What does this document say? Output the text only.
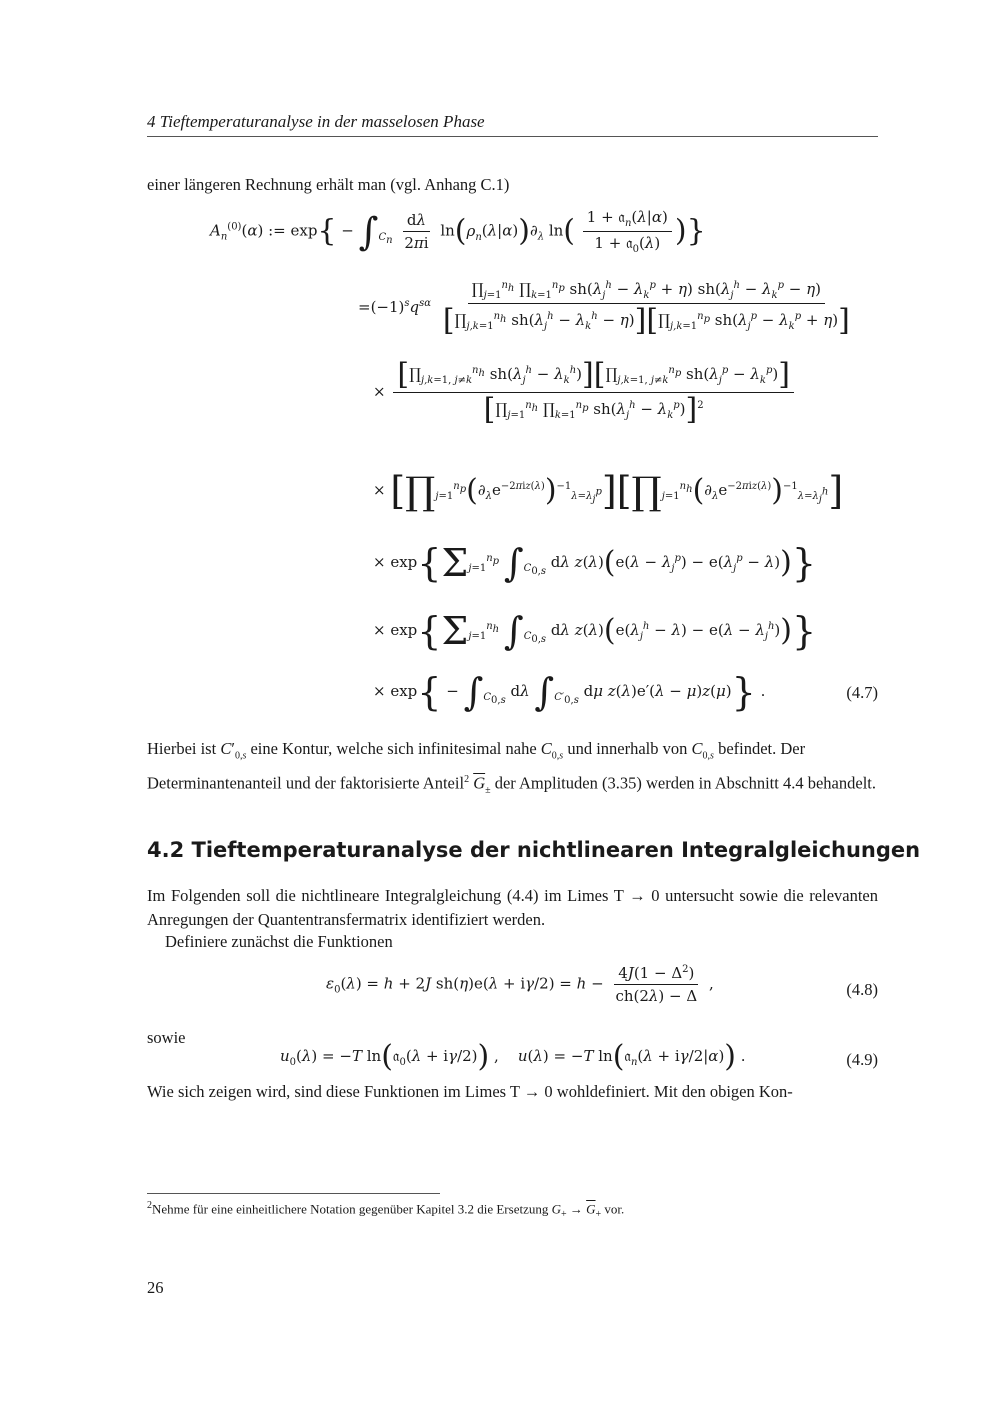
4 Tieftemperaturanalyse in der masselosen Phase
einer längeren Rechnung erhält man (vgl. Anhang C.1)
$A_n^{(0)}(\alpha)$ := $\exp\{ - \int_{C_n} \frac{d\lambda}{2\pi i} \ln(\rho_n(\lambda|\alpha))\partial_\lambda$ $\ln( \frac{1 + 𝔞_n(\lambda|\alpha)}{1 + 𝔞_0(\lambda)}$ )}
$=(-1)^sq^{s\alpha} \frac{\prod_{j=1}^{n_h} \prod_{k=1}^{n_p} sh(\lambda_j^h - \lambda_k^p + \eta) sh(\lambda_j^h - \lambda_k^p - \eta)}{[\prod_{j,k=1}^{n_h} sh(\lambda_j^h - \lambda_k^h - \eta)][\prod_{j,k=1}^{n_p} sh(\lambda_j^p - \lambda_k^p + \eta)]}$
× $\frac{[\prod_{j,k=1, j\ne k}^{n_h} sh(\lambda_j^h - \lambda_k^h)][\prod_{j,k=1, j\ne k}^{n_p} sh(\lambda_j^p - \lambda_k^p)]}{[\prod_{j=1}^{n_h} \prod_{k=1}^{n_p} sh(\lambda_j^h - \lambda_k^p)]^2}$
× $[\prod_{j=1}^{n_p}(\partial_\lambda e^{-2\pi iz(\lambda)})^{-1}_{\lambda=\lambda_j^p}][\prod_{j=1}^{n_h}(\partial_\lambda e^{-2\pi iz(\lambda)})^{-1}_{\lambda=\lambda_j^h}]$
× $\exp\{\Sigma_{j=1}^{n_p}$ $\int_{C_{0,s}}$ dλ $z(\lambda)(e(\lambda - \lambda_j^p) - e(\lambda_j^p - \lambda))$}
× $\exp\{\Sigma_{j=1}^{n_h}$ $\int_{C_{0,s}}$ dλ $z(\lambda)(e(\lambda_j^h - \lambda) - e(\lambda - \lambda_j^h))$}
× $\exp\{ - \int_{C_{0,s}}$ dλ $\int_{C'_{0,s}}$ dμ z(λ)e′(λ − μ)z(μ)} .	(4.7)
Hierbei ist $C'_{0,s}$ eine Kontur, welche sich infinitesimal nahe $C_{0,s}$ und innerhalb von $C_{0,s}$ befindet. Der Determinantenanteil und der faktorisierte Anteil$^2$ $\overline{G}_\pm$ der Amplituden (3.35) werden in Abschnitt 4.4 behandelt.
4.2 Tieftemperaturanalyse der nichtlinearen Integralgleichungen
Im Folgenden soll die nichtlineare Integralgleichung (4.4) im Limes T → 0 untersucht sowie die relevanten Anregungen der Quantentransfermatrix identifiziert werden.
Definiere zunächst die Funktionen
$\varepsilon_0(\lambda) = h + 2J$ $sh(\eta)e(\lambda + i\gamma/2) = h - \frac{4J(1 - \Delta^2)}{ch(2\lambda) - \Delta}$ ,	(4.8)
sowie
$u_0(\lambda) = -T$ ln(𝔞$_0$(λ + iγ/2)) ,    u(λ) = −T ln(𝔞$_n$(λ + iγ/2|α)) .	(4.9)
Wie sich zeigen wird, sind diese Funktionen im Limes T → 0 wohldefiniert. Mit den obigen Kon-
$^2$Nehme für eine einheitlichere Notation gegenüber Kapitel 3.2 die Ersetzung $G_+ \to \overline{G}_+$ vor.
26
